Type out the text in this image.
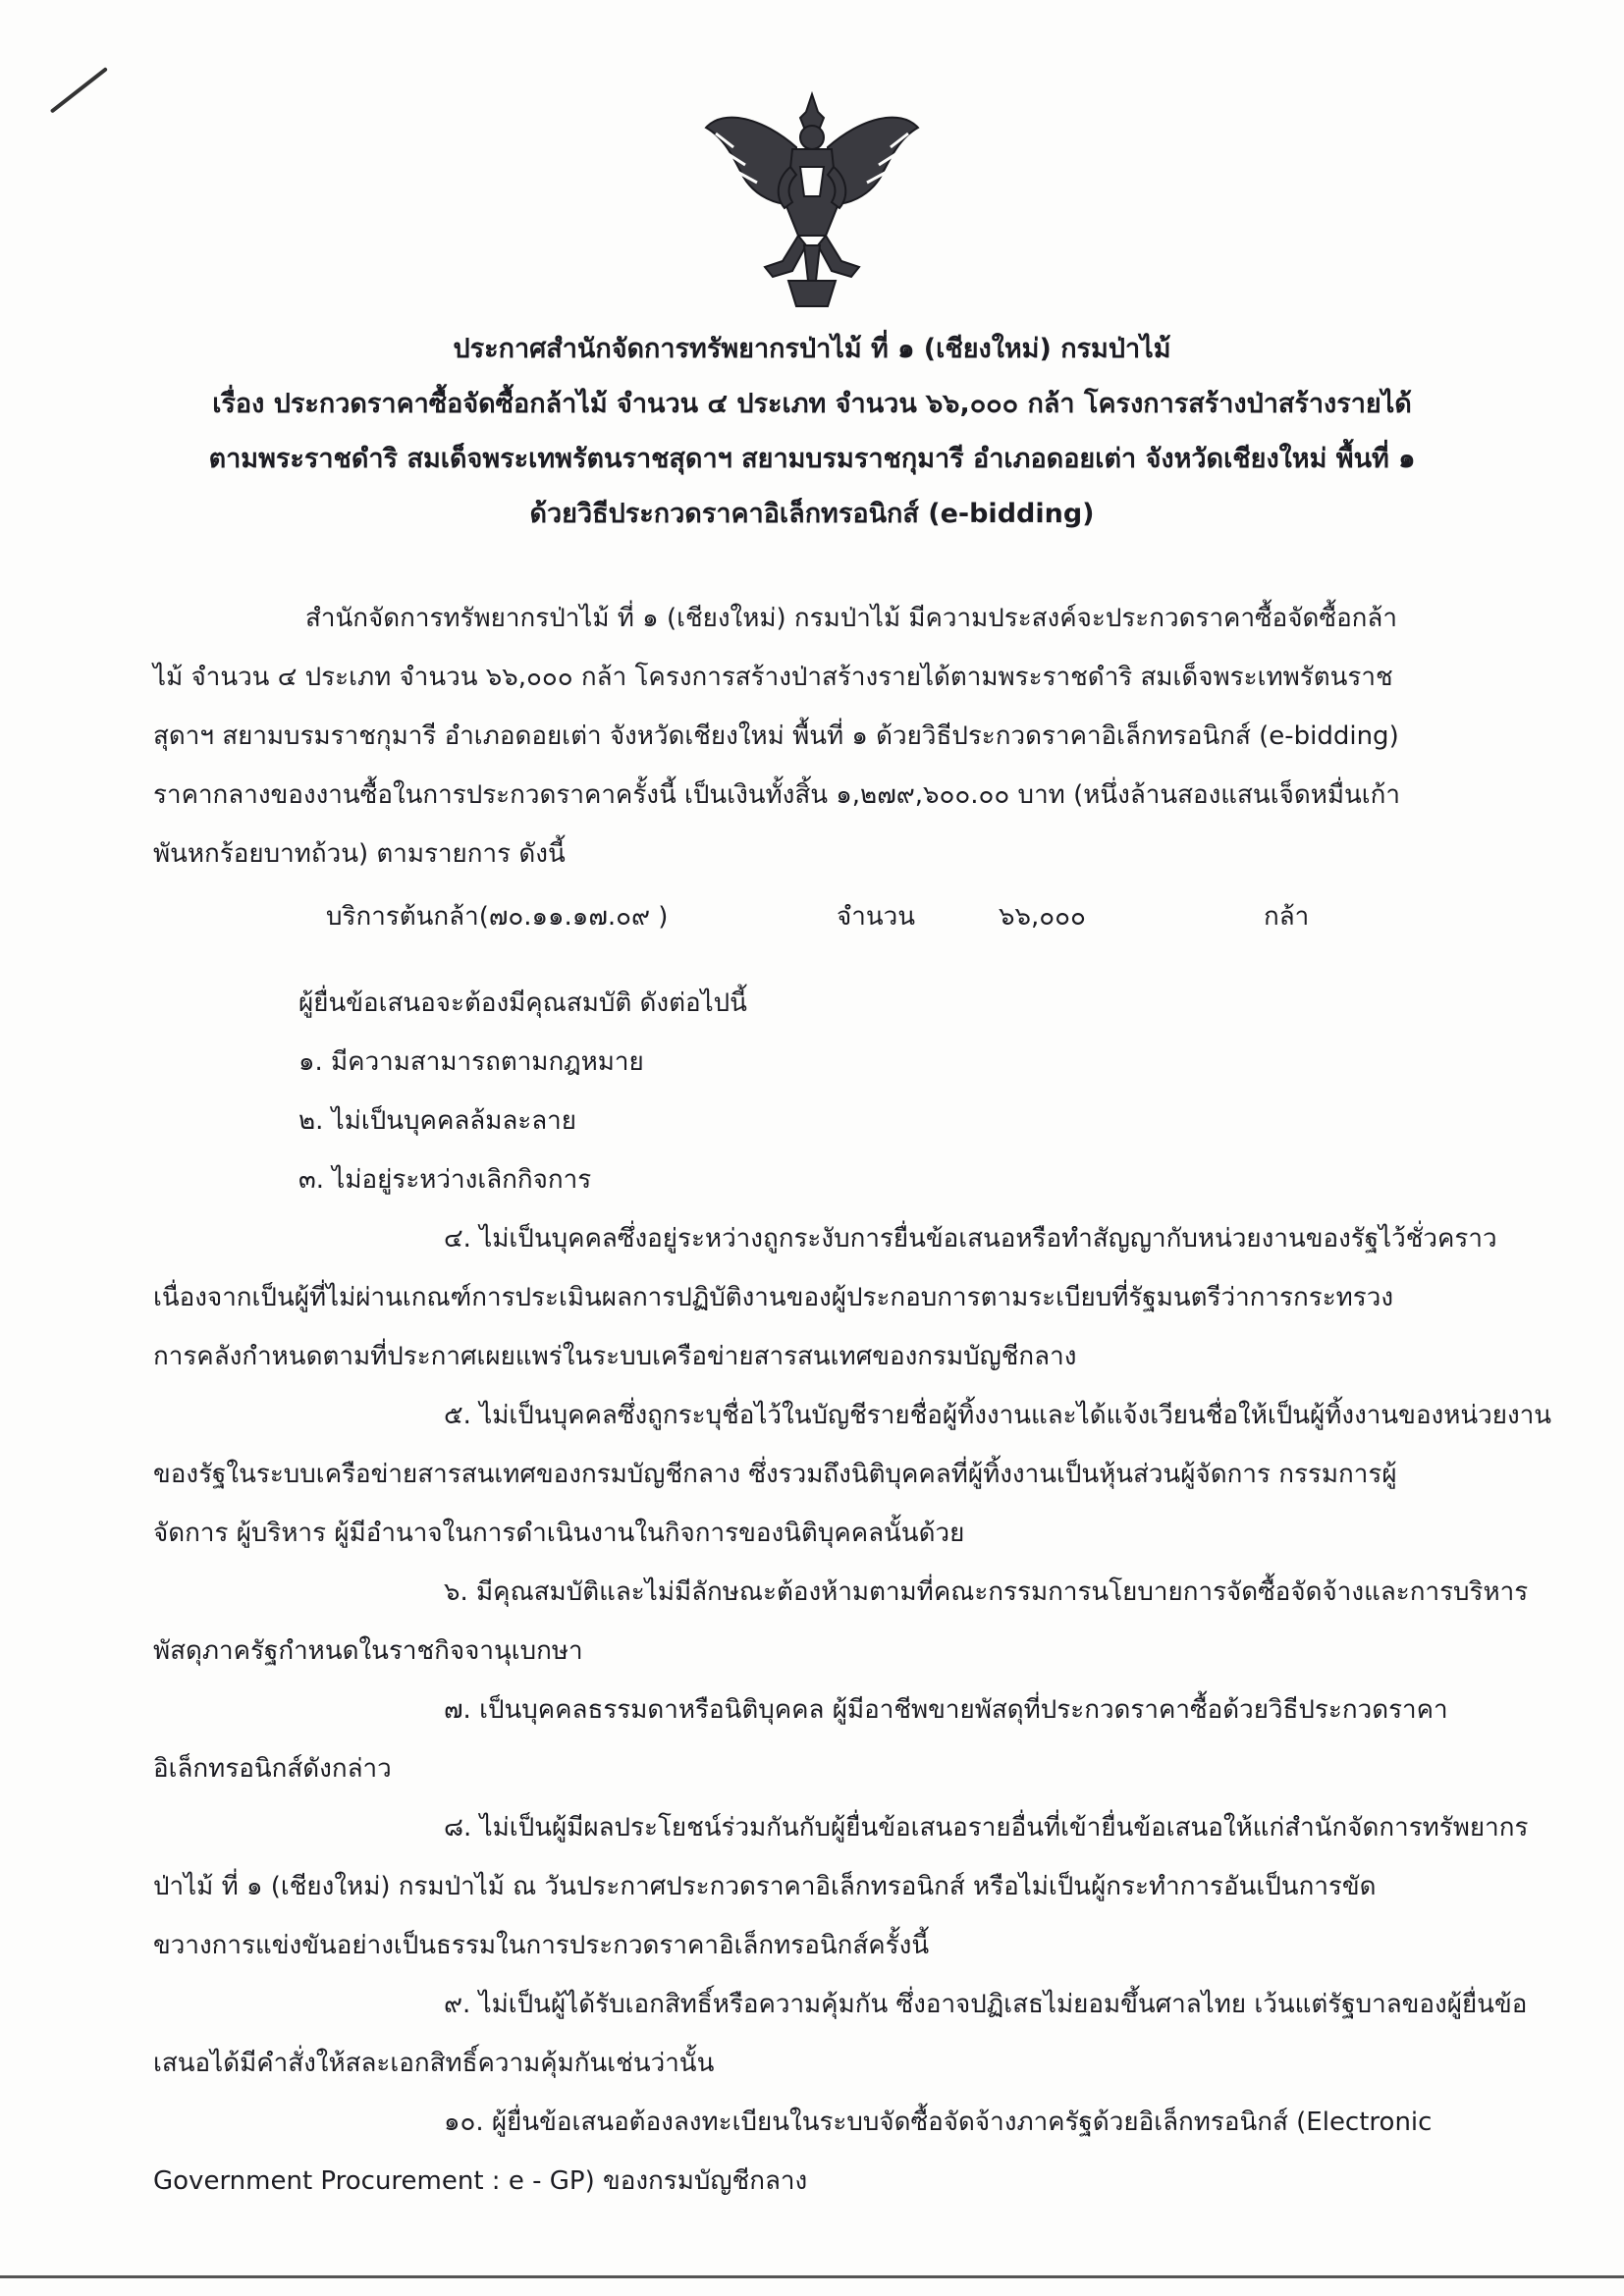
ประกาศสำนักจัดการทรัพยากรป่าไม้ ที่ ๑ (เชียงใหม่) กรมป่าไม้
เรื่อง ประกวดราคาซื้อจัดซื้อกล้าไม้ จำนวน ๔ ประเภท จำนวน ๖๖,๐๐๐ กล้า โครงการสร้างป่าสร้างรายได้
ตามพระราชดำริ สมเด็จพระเทพรัตนราชสุดาฯ สยามบรมราชกุมารี อำเภอดอยเต่า จังหวัดเชียงใหม่ พื้นที่ ๑
ด้วยวิธีประกวดราคาอิเล็กทรอนิกส์ (e-bidding)
สำนักจัดการทรัพยากรป่าไม้ ที่ ๑ (เชียงใหม่) กรมป่าไม้ มีความประสงค์จะประกวดราคาซื้อจัดซื้อกล้า
ไม้ จำนวน ๔ ประเภท จำนวน ๖๖,๐๐๐ กล้า โครงการสร้างป่าสร้างรายได้ตามพระราชดำริ สมเด็จพระเทพรัตนราช
สุดาฯ สยามบรมราชกุมารี อำเภอดอยเต่า จังหวัดเชียงใหม่ พื้นที่ ๑ ด้วยวิธีประกวดราคาอิเล็กทรอนิกส์ (e-bidding)
ราคากลางของงานซื้อในการประกวดราคาครั้งนี้ เป็นเงินทั้งสิ้น ๑,๒๗๙,๖๐๐.๐๐ บาท (หนึ่งล้านสองแสนเจ็ดหมื่นเก้า
พันหกร้อยบาทถ้วน) ตามรายการ ดังนี้
บริการต้นกล้า(๗๐.๑๑.๑๗.๐๙ )	จำนวน	๖๖,๐๐๐	กล้า
ผู้ยื่นข้อเสนอจะต้องมีคุณสมบัติ ดังต่อไปนี้
๑. มีความสามารถตามกฎหมาย
๒. ไม่เป็นบุคคลล้มละลาย
๓. ไม่อยู่ระหว่างเลิกกิจการ
๔. ไม่เป็นบุคคลซึ่งอยู่ระหว่างถูกระงับการยื่นข้อเสนอหรือทำสัญญากับหน่วยงานของรัฐไว้ชั่วคราว
เนื่องจากเป็นผู้ที่ไม่ผ่านเกณฑ์การประเมินผลการปฏิบัติงานของผู้ประกอบการตามระเบียบที่รัฐมนตรีว่าการกระทรวง
การคลังกำหนดตามที่ประกาศเผยแพร่ในระบบเครือข่ายสารสนเทศของกรมบัญชีกลาง
๕. ไม่เป็นบุคคลซึ่งถูกระบุชื่อไว้ในบัญชีรายชื่อผู้ทิ้งงานและได้แจ้งเวียนชื่อให้เป็นผู้ทิ้งงานของหน่วยงาน
ของรัฐในระบบเครือข่ายสารสนเทศของกรมบัญชีกลาง ซึ่งรวมถึงนิติบุคคลที่ผู้ทิ้งงานเป็นหุ้นส่วนผู้จัดการ กรรมการผู้
จัดการ ผู้บริหาร ผู้มีอำนาจในการดำเนินงานในกิจการของนิติบุคคลนั้นด้วย
๖. มีคุณสมบัติและไม่มีลักษณะต้องห้ามตามที่คณะกรรมการนโยบายการจัดซื้อจัดจ้างและการบริหาร
พัสดุภาครัฐกำหนดในราชกิจจานุเบกษา
๗. เป็นบุคคลธรรมดาหรือนิติบุคคล ผู้มีอาชีพขายพัสดุที่ประกวดราคาซื้อด้วยวิธีประกวดราคา
อิเล็กทรอนิกส์ดังกล่าว
๘. ไม่เป็นผู้มีผลประโยชน์ร่วมกันกับผู้ยื่นข้อเสนอรายอื่นที่เข้ายื่นข้อเสนอให้แก่สำนักจัดการทรัพยากร
ป่าไม้ ที่ ๑ (เชียงใหม่) กรมป่าไม้ ณ วันประกาศประกวดราคาอิเล็กทรอนิกส์ หรือไม่เป็นผู้กระทำการอันเป็นการขัด
ขวางการแข่งขันอย่างเป็นธรรมในการประกวดราคาอิเล็กทรอนิกส์ครั้งนี้
๙. ไม่เป็นผู้ได้รับเอกสิทธิ์หรือความคุ้มกัน ซึ่งอาจปฏิเสธไม่ยอมขึ้นศาลไทย เว้นแต่รัฐบาลของผู้ยื่นข้อ
เสนอได้มีคำสั่งให้สละเอกสิทธิ์ความคุ้มกันเช่นว่านั้น
๑๐. ผู้ยื่นข้อเสนอต้องลงทะเบียนในระบบจัดซื้อจัดจ้างภาครัฐด้วยอิเล็กทรอนิกส์ (Electronic
Government Procurement : e - GP) ของกรมบัญชีกลาง
